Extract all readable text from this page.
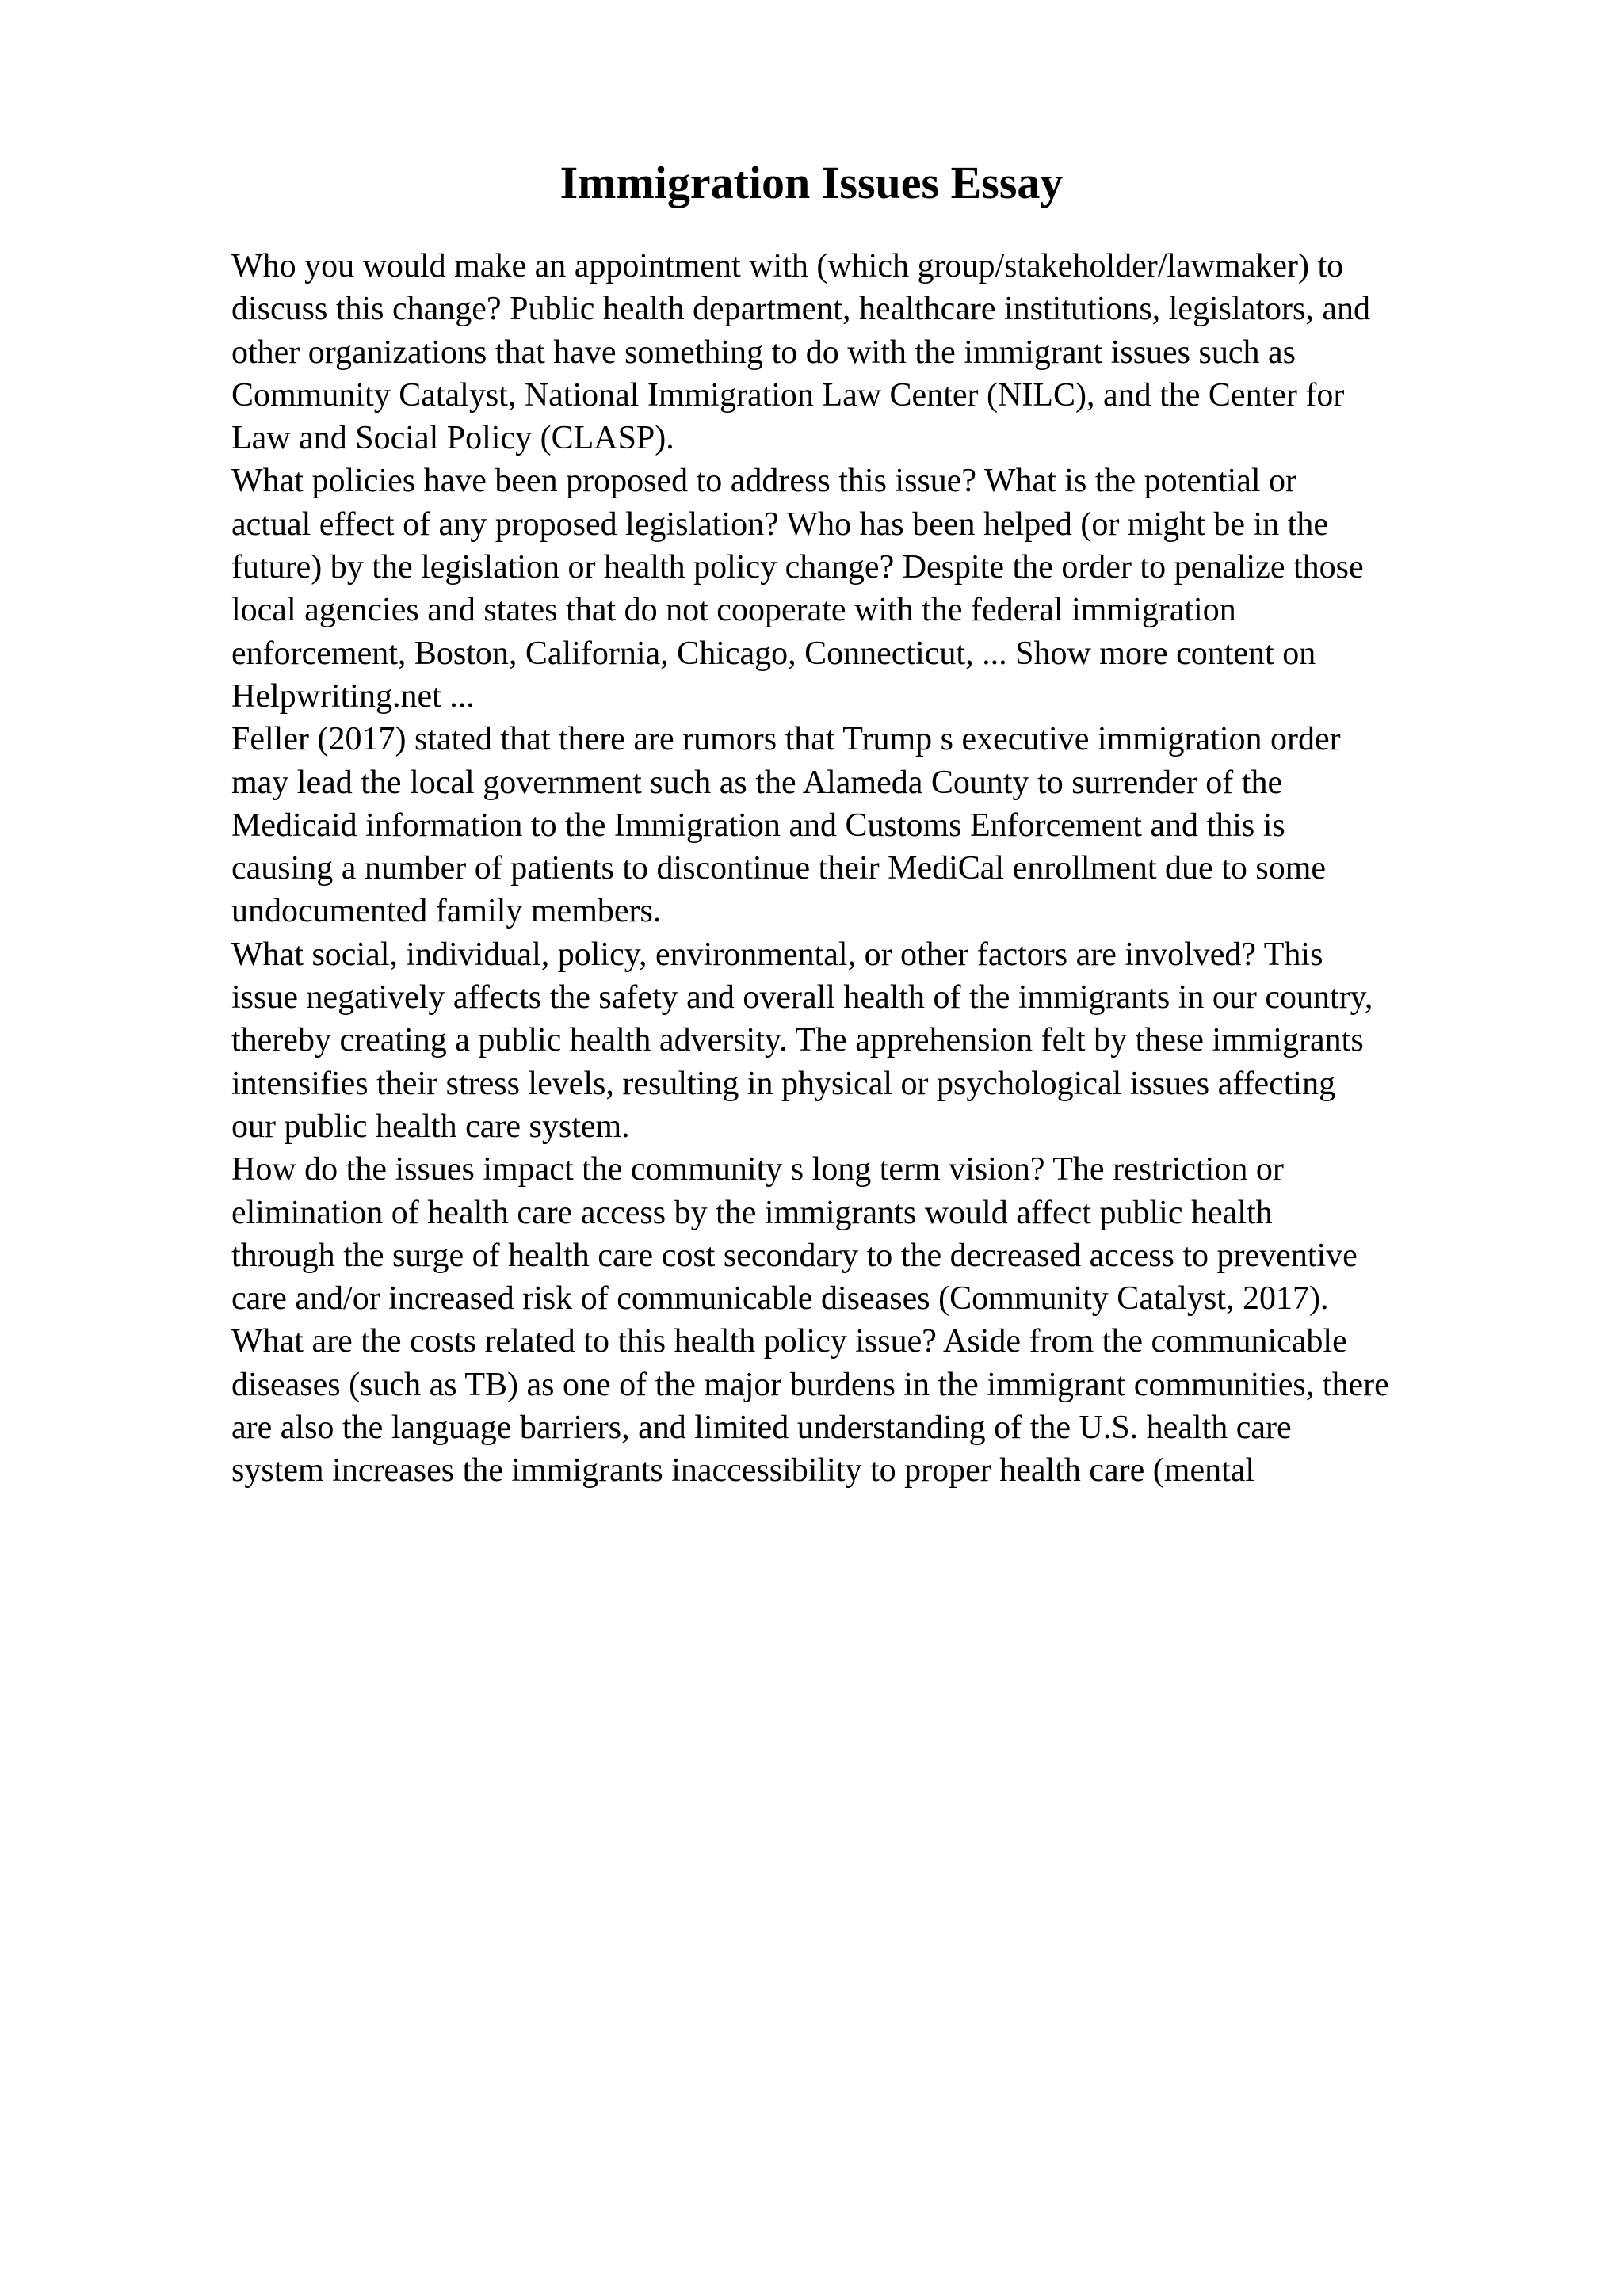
Immigration Issues Essay
Who you would make an appointment with (which group/stakeholder/lawmaker) to
discuss this change? Public health department, healthcare institutions, legislators, and
other organizations that have something to do with the immigrant issues such as
Community Catalyst, National Immigration Law Center (NILC), and the Center for
Law and Social Policy (CLASP).
What policies have been proposed to address this issue? What is the potential or
actual effect of any proposed legislation? Who has been helped (or might be in the
future) by the legislation or health policy change? Despite the order to penalize those
local agencies and states that do not cooperate with the federal immigration
enforcement, Boston, California, Chicago, Connecticut, ... Show more content on
Helpwriting.net ...
Feller (2017) stated that there are rumors that Trump s executive immigration order
may lead the local government such as the Alameda County to surrender of the
Medicaid information to the Immigration and Customs Enforcement and this is
causing a number of patients to discontinue their MediCal enrollment due to some
undocumented family members.
What social, individual, policy, environmental, or other factors are involved? This
issue negatively affects the safety and overall health of the immigrants in our country,
thereby creating a public health adversity. The apprehension felt by these immigrants
intensifies their stress levels, resulting in physical or psychological issues affecting
our public health care system.
How do the issues impact the community s long term vision? The restriction or
elimination of health care access by the immigrants would affect public health
through the surge of health care cost secondary to the decreased access to preventive
care and/or increased risk of communicable diseases (Community Catalyst, 2017).
What are the costs related to this health policy issue? Aside from the communicable
diseases (such as TB) as one of the major burdens in the immigrant communities, there
are also the language barriers, and limited understanding of the U.S. health care
system increases the immigrants inaccessibility to proper health care (mental
